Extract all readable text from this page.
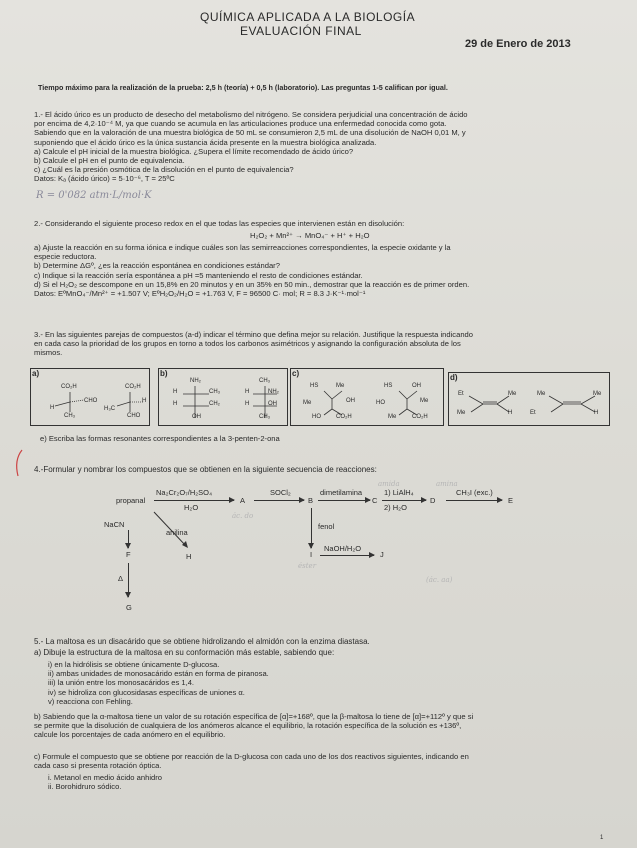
QUÍMICA APLICADA A LA BIOLOGÍA
EVALUACIÓN FINAL
29 de Enero de 2013
Tiempo máximo para la realización de la prueba: 2,5 h (teoría) + 0,5 h (laboratorio). Las preguntas 1-5 califican por igual.
1.- El ácido úrico es un producto de desecho del metabolismo del nitrógeno. Se considera perjudicial una concentración de ácido
por encima de 4,2·10⁻⁴ M, ya que cuando se acumula en las articulaciones produce una enfermedad conocida como gota.
Sabiendo que en la valoración de una muestra biológica de 50 mL se consumieron 2,5 mL de una disolución de NaOH 0,01 M, y
suponiendo que el ácido úrico es la única sustancia ácida presente en la muestra biológica analizada.
a) Calcule el pH inicial de la muestra biológica. ¿Supera el límite recomendado de ácido úrico?
b) Calcule el pH en el punto de equivalencia.
c) ¿Cuál es la presión osmótica de la disolución en el punto de equivalencia?
Datos: Kₐ (ácido úrico) = 5·10⁻⁶, T = 25ºC
R = 0'082 atm·L/mol·K
2.- Considerando el siguiente proceso redox en el que todas las especies que intervienen están en disolución:
H₂O₂ + Mn²⁺ → MnO₄⁻ + H⁺ + H₂O
a) Ajuste la reacción en su forma iónica e indique cuáles son las semirreacciones correspondientes, la especie oxidante y la
especie reductora.
b) Determine ΔGº, ¿es la reacción espontánea en condiciones estándar?
c) Indique si la reacción sería espontánea a pH =5 manteniendo el resto de condiciones estándar.
d) Si el H₂O₂ se descompone en un 15,8% en 20 minutos y en un 35% en 50 min., demostrar que la reacción es de primer orden.
Datos: EºMnO₄⁻/Mn²⁺ = +1.507 V; EºH₂O₂/H₂O = +1.763 V, F = 96500 C· mol; R = 8.3 J·K⁻¹·mol⁻¹
3.- En las siguientes parejas de compuestos (a-d) indicar el término que defina mejor su relación. Justifique la respuesta indicando
en cada caso la prioridad de los grupos en torno a todos los carbonos asimétricos y asignando la configuración absoluta de los
mismos.
a)	b)	c)	d)
CO₂H
CHO
H
CH₃
CO₂H
H
H₃C
CHO
NH₂
CH₃
H
H	CH₂
OH
CH₃
H	NH₂
H	OH
CH₃
HS	Me
Me	OH
HO	CO₂H
HS	OH
HO	Me
Me	CO₂H
Et	Me
Me	H
Me	Me
Et	H
e) Escriba las formas resonantes correspondientes a la 3-penten-2-ona
4.-Formular y nombrar los compuestos que se obtienen en la siguiente secuencia de reacciones:
propanal
Na₂Cr₂O₇/H₂SO₄
H₂O
A
SOCl₂
B
dimetilamina
C
1) LiAlH₄
2) H₂O
D
CH₃I (exc.)
E
NaCN
F
Δ
G
anilina
H
fenol
I
NaOH/H₂O
J
ác. do
amida	amina
éster
(ác. aa)
5.- La maltosa es un disacárido que se obtiene hidrolizando el almidón con la enzima diastasa.
a) Dibuje la estructura de la maltosa en su conformación más estable, sabiendo que:
i) en la hidrólisis se obtiene únicamente D-glucosa.
ii) ambas unidades de monosacárido están en forma de piranosa.
iii) la unión entre los monosacáridos es 1,4.
iv) se hidroliza con glucosidasas específicas de uniones α.
v) reacciona con Fehling.
b) Sabiendo que la α-maltosa tiene un valor de su rotación específica de [α]=+168º, que la β-maltosa lo tiene de [α]=+112º y que si
se permite que la disolución de cualquiera de los anómeros alcance el equilibrio, la rotación específica de la solución es +136º,
calcule los porcentajes de cada anómero en el equilibrio.
c) Formule el compuesto que se obtiene por reacción de la D-glucosa con cada uno de los dos reactivos siguientes, indicando en
cada caso si presenta rotación óptica.
i. Metanol en medio ácido anhidro
ii. Borohidruro sódico.
1
